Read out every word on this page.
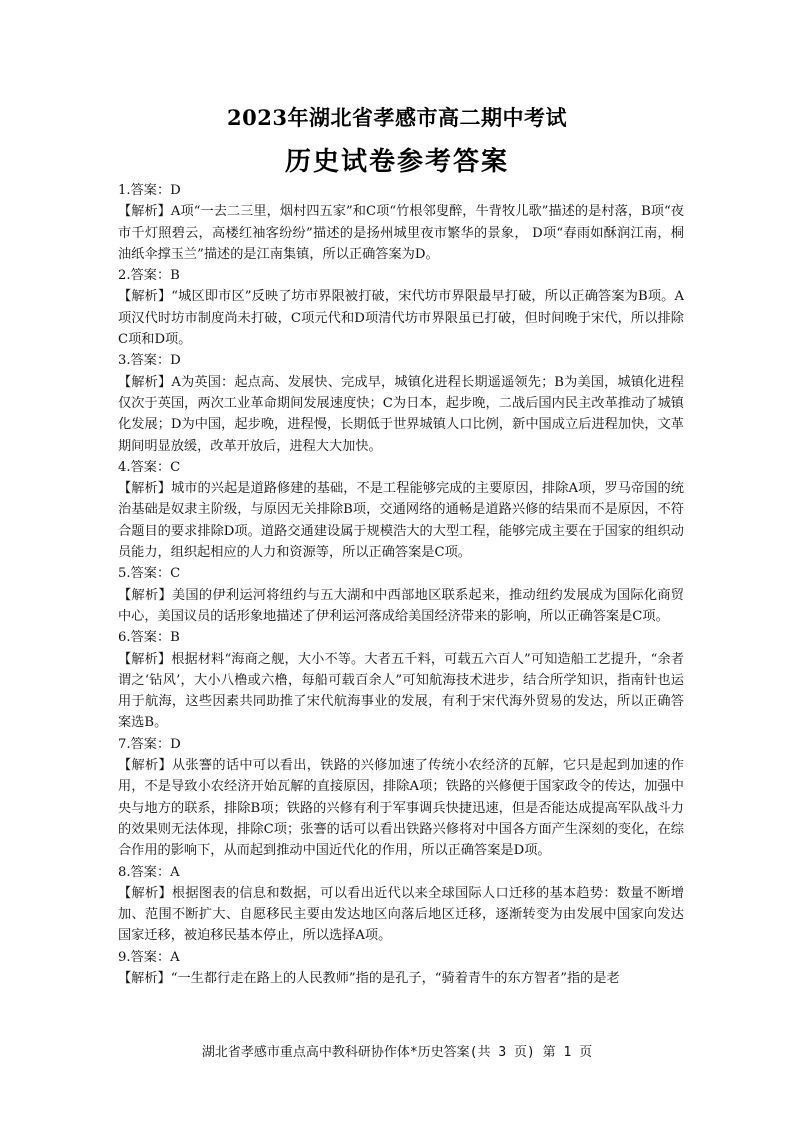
2023年湖北省孝感市高二期中考试
历史试卷参考答案

1.答案：D

【解析】A项“一去二三里，烟村四五家”和C项“竹根邻叟醉，牛背牧儿歌”描述的是村落，B项“夜市千灯照碧云，高楼红袖客纷纷”描述的是扬州城里夜市繁华的景象， D项“春雨如酥润江南，桐油纸伞撑玉兰”描述的是江南集镇，所以正确答案为D。

2.答案：B

【解析】“城区即市区”反映了坊市界限被打破，宋代坊市界限最早打破，所以正确答案为B项。A项汉代时坊市制度尚未打破，C项元代和D项清代坊市界限虽已打破，但时间晚于宋代，所以排除C项和D项。

3.答案：D

【解析】A为英国：起点高、发展快、完成早，城镇化进程长期遥遥领先；B为美国，城镇化进程仅次于英国，两次工业革命期间发展速度快；C为日本，起步晚，二战后国内民主改革推动了城镇化发展；D为中国，起步晚，进程慢，长期低于世界城镇人口比例，新中国成立后进程加快，文革期间明显放缓，改革开放后，进程大大加快。

4.答案：C

【解析】城市的兴起是道路修建的基础，不是工程能够完成的主要原因，排除A项，罗马帝国的统治基础是奴隶主阶级，与原因无关排除B项，交通网络的通畅是道路兴修的结果而不是原因，不符合题目的要求排除D项。道路交通建设属于规模浩大的大型工程，能够完成主要在于国家的组织动员能力，组织起相应的人力和资源等，所以正确答案是C项。

5.答案：C

【解析】美国的伊利运河将纽约与五大湖和中西部地区联系起来，推动纽约发展成为国际化商贸中心，美国议员的话形象地描述了伊利运河落成给美国经济带来的影响，所以正确答案是C项。

6.答案：B

【解析】根据材料“海商之舰，大小不等。大者五千料，可载五六百人”可知造船工艺提升，“余者谓之‘钻风’，大小八橹或六橹，每船可载百余人”可知航海技术进步，结合所学知识，指南针也运用于航海，这些因素共同助推了宋代航海事业的发展，有利于宋代海外贸易的发达，所以正确答案选B。

7.答案：D

【解析】从张謇的话中可以看出，铁路的兴修加速了传统小农经济的瓦解，它只是起到加速的作用，不是导致小农经济开始瓦解的直接原因，排除A项；铁路的兴修便于国家政令的传达，加强中央与地方的联系，排除B项；铁路的兴修有利于军事调兵快捷迅速，但是否能达成提高军队战斗力的效果则无法体现，排除C项；张謇的话可以看出铁路兴修将对中国各方面产生深刻的变化，在综合作用的影响下，从而起到推动中国近代化的作用，所以正确答案是D项。

8.答案：A

【解析】根据图表的信息和数据，可以看出近代以来全球国际人口迁移的基本趋势：数量不断增加、范围不断扩大、自愿移民主要由发达地区向落后地区迁移，逐渐转变为由发展中国家向发达国家迁移，被迫移民基本停止，所以选择A项。

9.答案：A

【解析】“一生都行走在路上的人民教师”指的是孔子，“骑着青牛的东方智者”指的是老

湖北省孝感市重点高中教科研协作体*历史答案(共 3 页) 第 1 页
